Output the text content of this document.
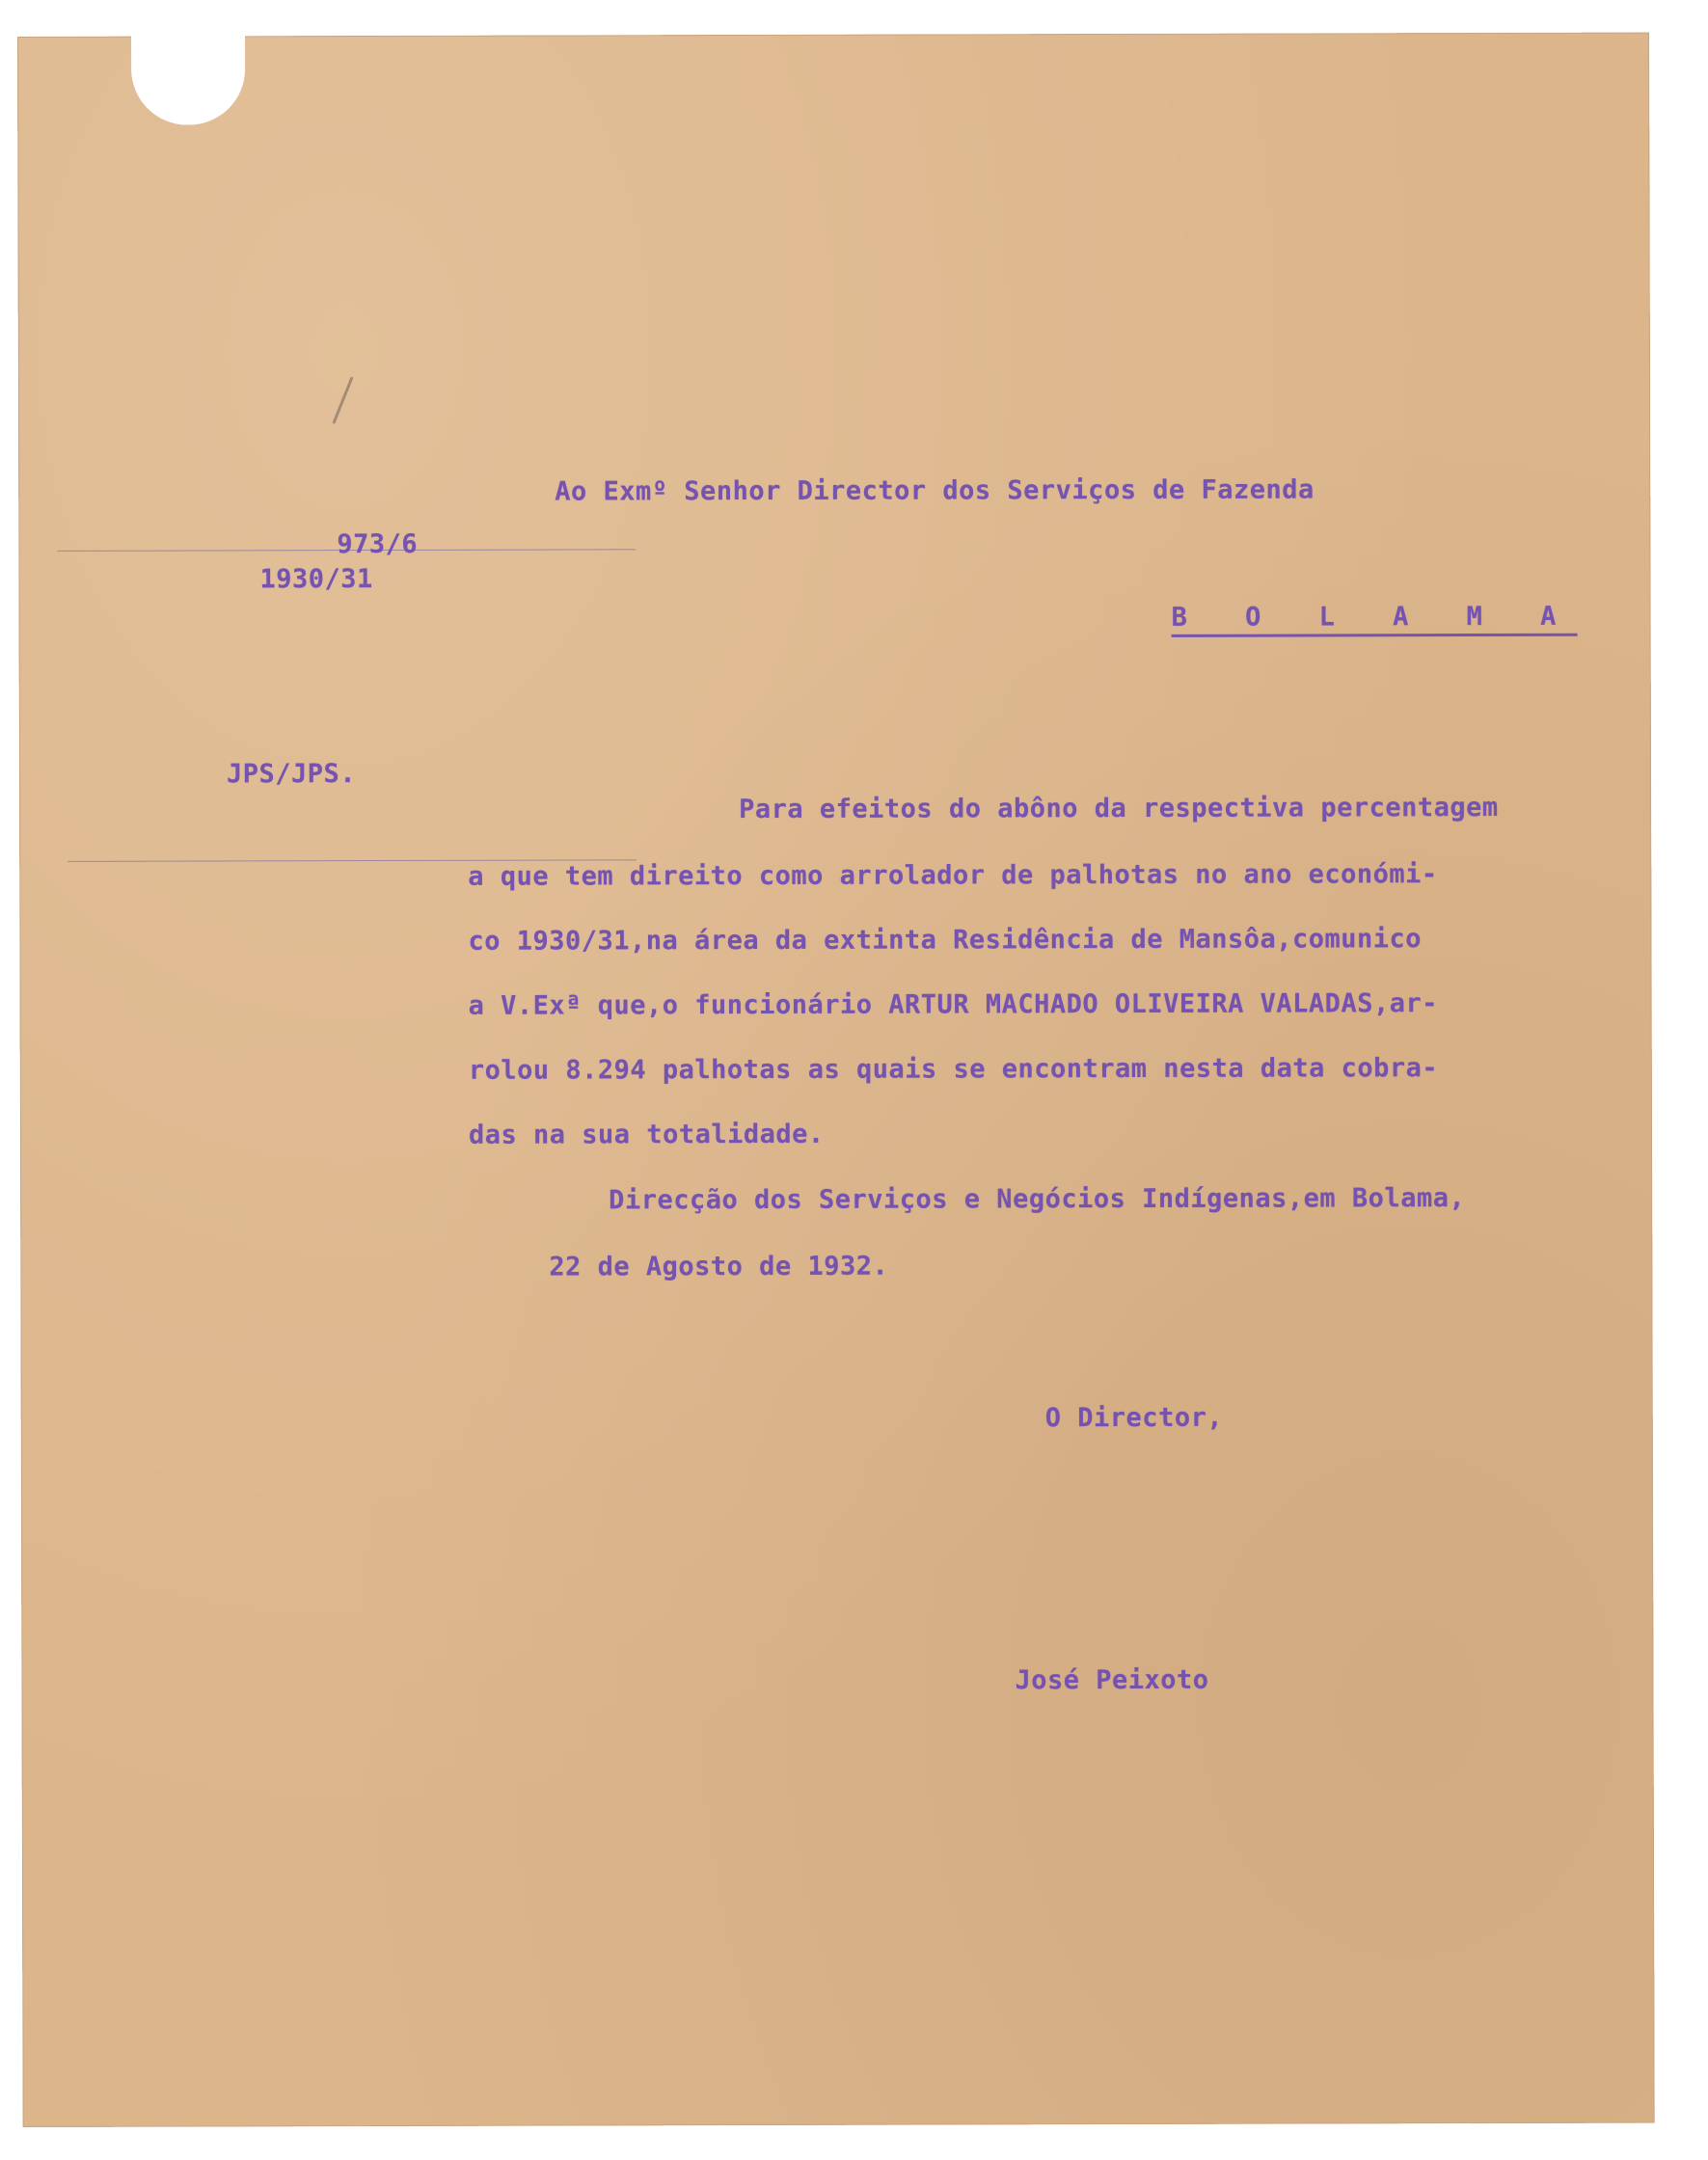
Ao Exmº Senhor Director dos Serviços de Fazenda
973/6
1930/31
B O L A M A
JPS/JPS.
Para efeitos do abôno da respectiva percentagem
a que tem direito como arrolador de palhotas no ano económi-
co 1930/31,na área da extinta Residência de Mansôa,comunico
a V.Exª que,o funcionário ARTUR MACHADO OLIVEIRA VALADAS,ar-
rolou 8.294 palhotas as quais se encontram nesta data cobra-
das na sua totalidade.
Direcção dos Serviços e Negócios Indígenas,em Bolama,
22 de Agosto de 1932.
O Director,
José Peixoto
